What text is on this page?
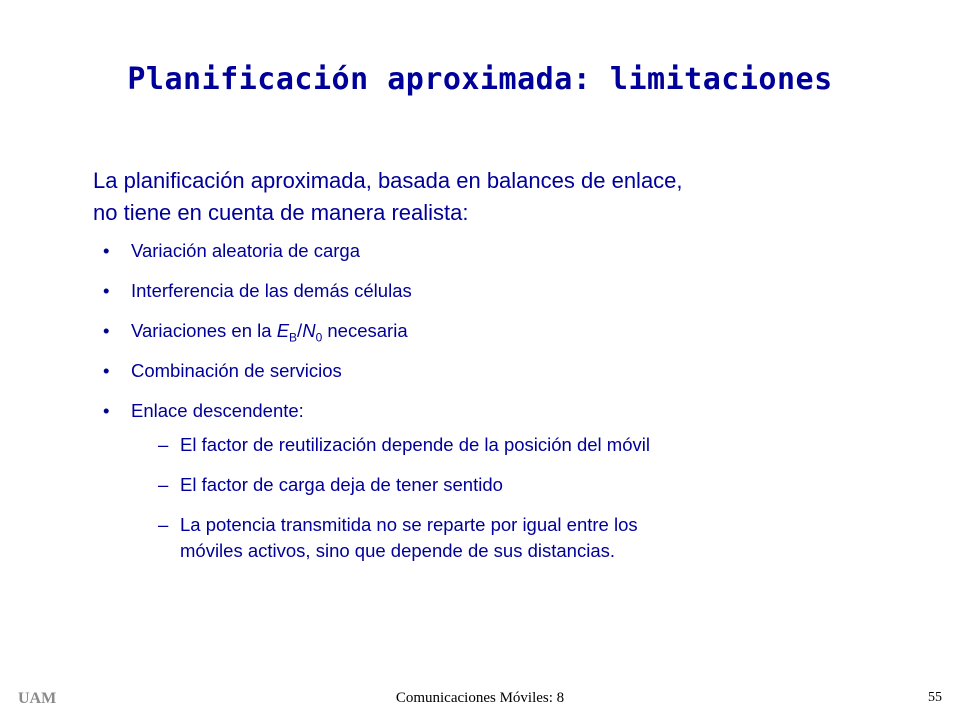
Planificación aproximada: limitaciones
La planificación aproximada, basada en balances de enlace,
no tiene en cuenta de manera realista:
• Variación aleatoria de carga
• Interferencia de las demás células
• Variaciones en la $E_B/N_0$ necesaria
• Combinación de servicios
• Enlace descendente:
– El factor de reutilización depende de la posición del móvil
– El factor de carga deja de tener sentido
– La potencia transmitida no se reparte por igual entre los
móviles activos, sino que depende de sus distancias.
UAM	Comunicaciones Móviles: 8	55
